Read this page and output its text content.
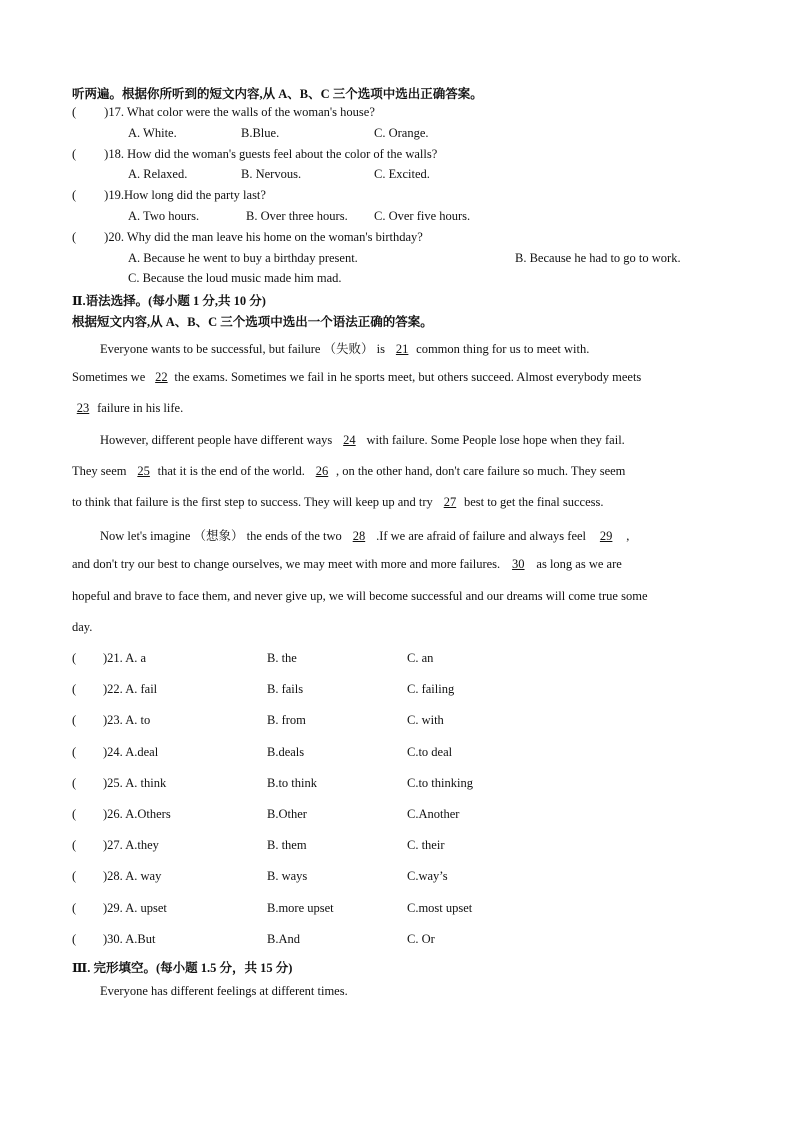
听两遍。根据你所听到的短文内容,从 A、B、C 三个选项中选出正确答案。
( )17. What color were the walls of the woman's house?
A. White.	B.Blue.	C. Orange.
( )18. How did the woman's guests feel about the color of the walls?
A. Relaxed.	B. Nervous.	C. Excited.
( )19.How long did the party last?
A. Two hours.	B. Over three hours. C. Over five hours.
( )20. Why did the man leave his home on the woman's birthday?
A. Because he went to buy a birthday present.	B. Because he had to go to work.
C. Because the loud music made him mad.
Ⅱ.语法选择。(每小题 1 分,共 10 分)
根据短文内容,从 A、B、C 三个选项中选出一个语法正确的答案。
Everyone wants to be successful, but failure （失败） is 21 common thing for us to meet with.
Sometimes we 22 the exams. Sometimes we fail in he sports meet, but others succeed. Almost everybody meets
23 failure in his life.
However, different people have different ways 24 with failure. Some People lose hope when they fail.
They seem 25 that it is the end of the world. 26 , on the other hand, don't care failure so much. They seem
to think that failure is the first step to success. They will keep up and try 27 best to get the final success.
Now let's imagine （想象） the ends of the two 28 .If we are afraid of failure and always feel 29 ,
and don't try our best to change ourselves, we may meet with more and more failures. 30 as long as we are
hopeful and brave to face them, and never give up, we will become successful and our dreams will come true some
day.
( )21. A. a	B. the	C. an
( )22. A. fail	B. fails	C. failing
( )23. A. to	B. from	C. with
( )24. A.deal	B.deals	C.to deal
( )25. A. think	B.to think	C.to thinking
( )26. A.Others	B.Other	C.Another
( )27. A.they	B. them	C. their
( )28. A. way	B. ways	C.way’s
( )29. A. upset	B.more upset	C.most upset
( )30. A.But	B.And	C. Or
Ⅲ. 完形填空。(每小题 1.5 分，共 15 分)
Everyone has different feelings at different times.
